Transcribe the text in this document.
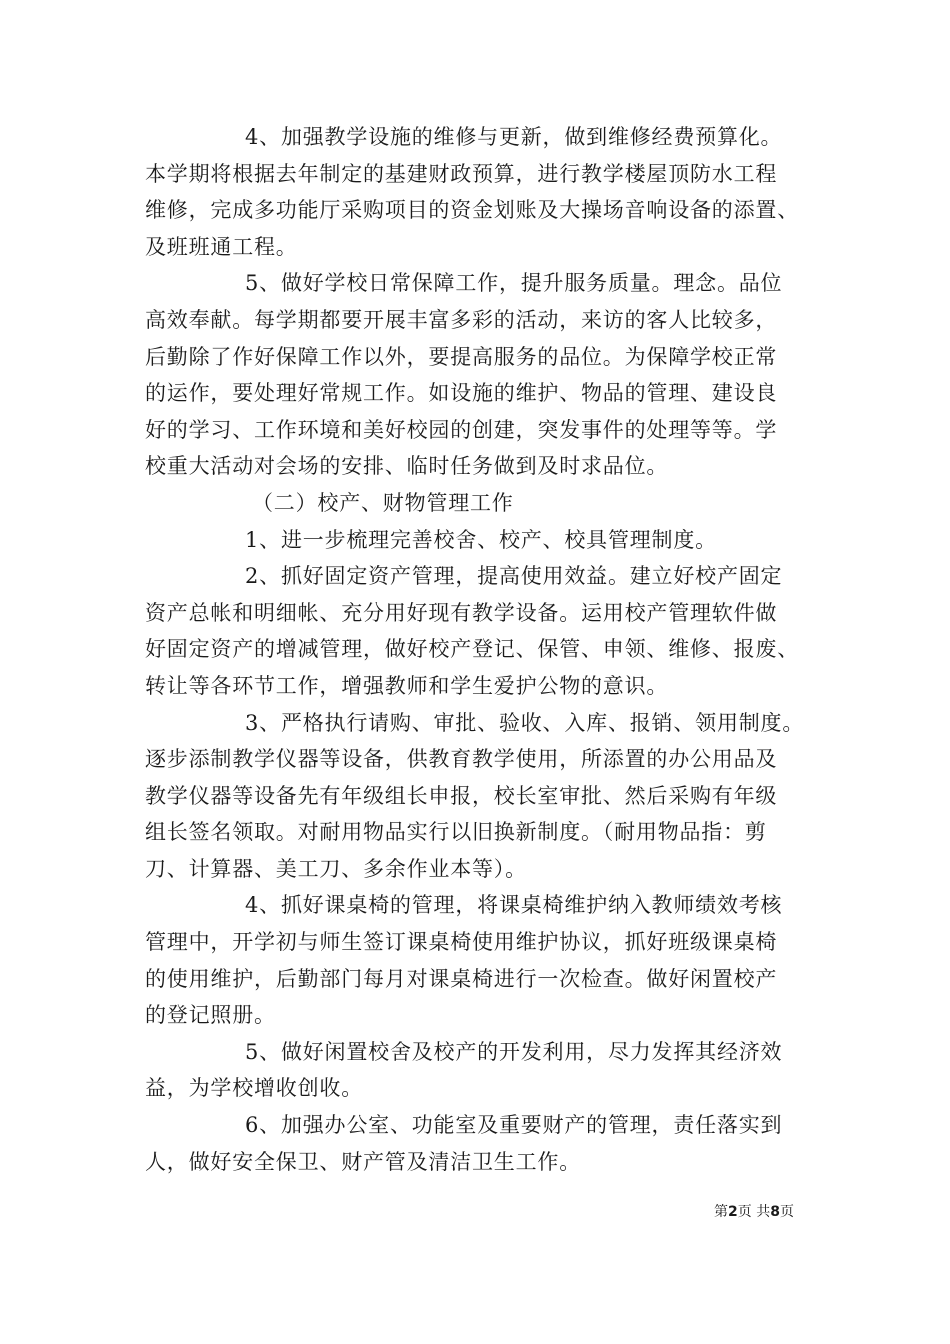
4、加强教学设施的维修与更新，做到维修经费预算化。
本学期将根据去年制定的基建财政预算，进行教学楼屋顶防水工程
维修，完成多功能厅采购项目的资金划账及大操场音响设备的添置、
及班班通工程。

5、做好学校日常保障工作，提升服务质量。理念。品位
高效奉献。每学期都要开展丰富多彩的活动，来访的客人比较多，
后勤除了作好保障工作以外，要提高服务的品位。为保障学校正常
的运作，要处理好常规工作。如设施的维护、物品的管理、建设良
好的学习、工作环境和美好校园的创建，突发事件的处理等等。学
校重大活动对会场的安排、临时任务做到及时求品位。

（二）校产、财物管理工作

1、进一步梳理完善校舍、校产、校具管理制度。

2、抓好固定资产管理，提高使用效益。建立好校产固定
资产总帐和明细帐、充分用好现有教学设备。运用校产管理软件做
好固定资产的增减管理，做好校产登记、保管、申领、维修、报废、
转让等各环节工作，增强教师和学生爱护公物的意识。

3、严格执行请购、审批、验收、入库、报销、领用制度。
逐步添制教学仪器等设备，供教育教学使用，所添置的办公用品及
教学仪器等设备先有年级组长申报，校长室审批、然后采购有年级
组长签名领取。对耐用物品实行以旧换新制度。（耐用物品指：剪
刀、计算器、美工刀、多余作业本等）。

4、抓好课桌椅的管理，将课桌椅维护纳入教师绩效考核
管理中，开学初与师生签订课桌椅使用维护协议，抓好班级课桌椅
的使用维护，后勤部门每月对课桌椅进行一次检查。做好闲置校产
的登记照册。

5、做好闲置校舍及校产的开发利用，尽力发挥其经济效
益，为学校增收创收。

6、加强办公室、功能室及重要财产的管理，责任落实到
人，做好安全保卫、财产管及清洁卫生工作。

第2页 共8页
